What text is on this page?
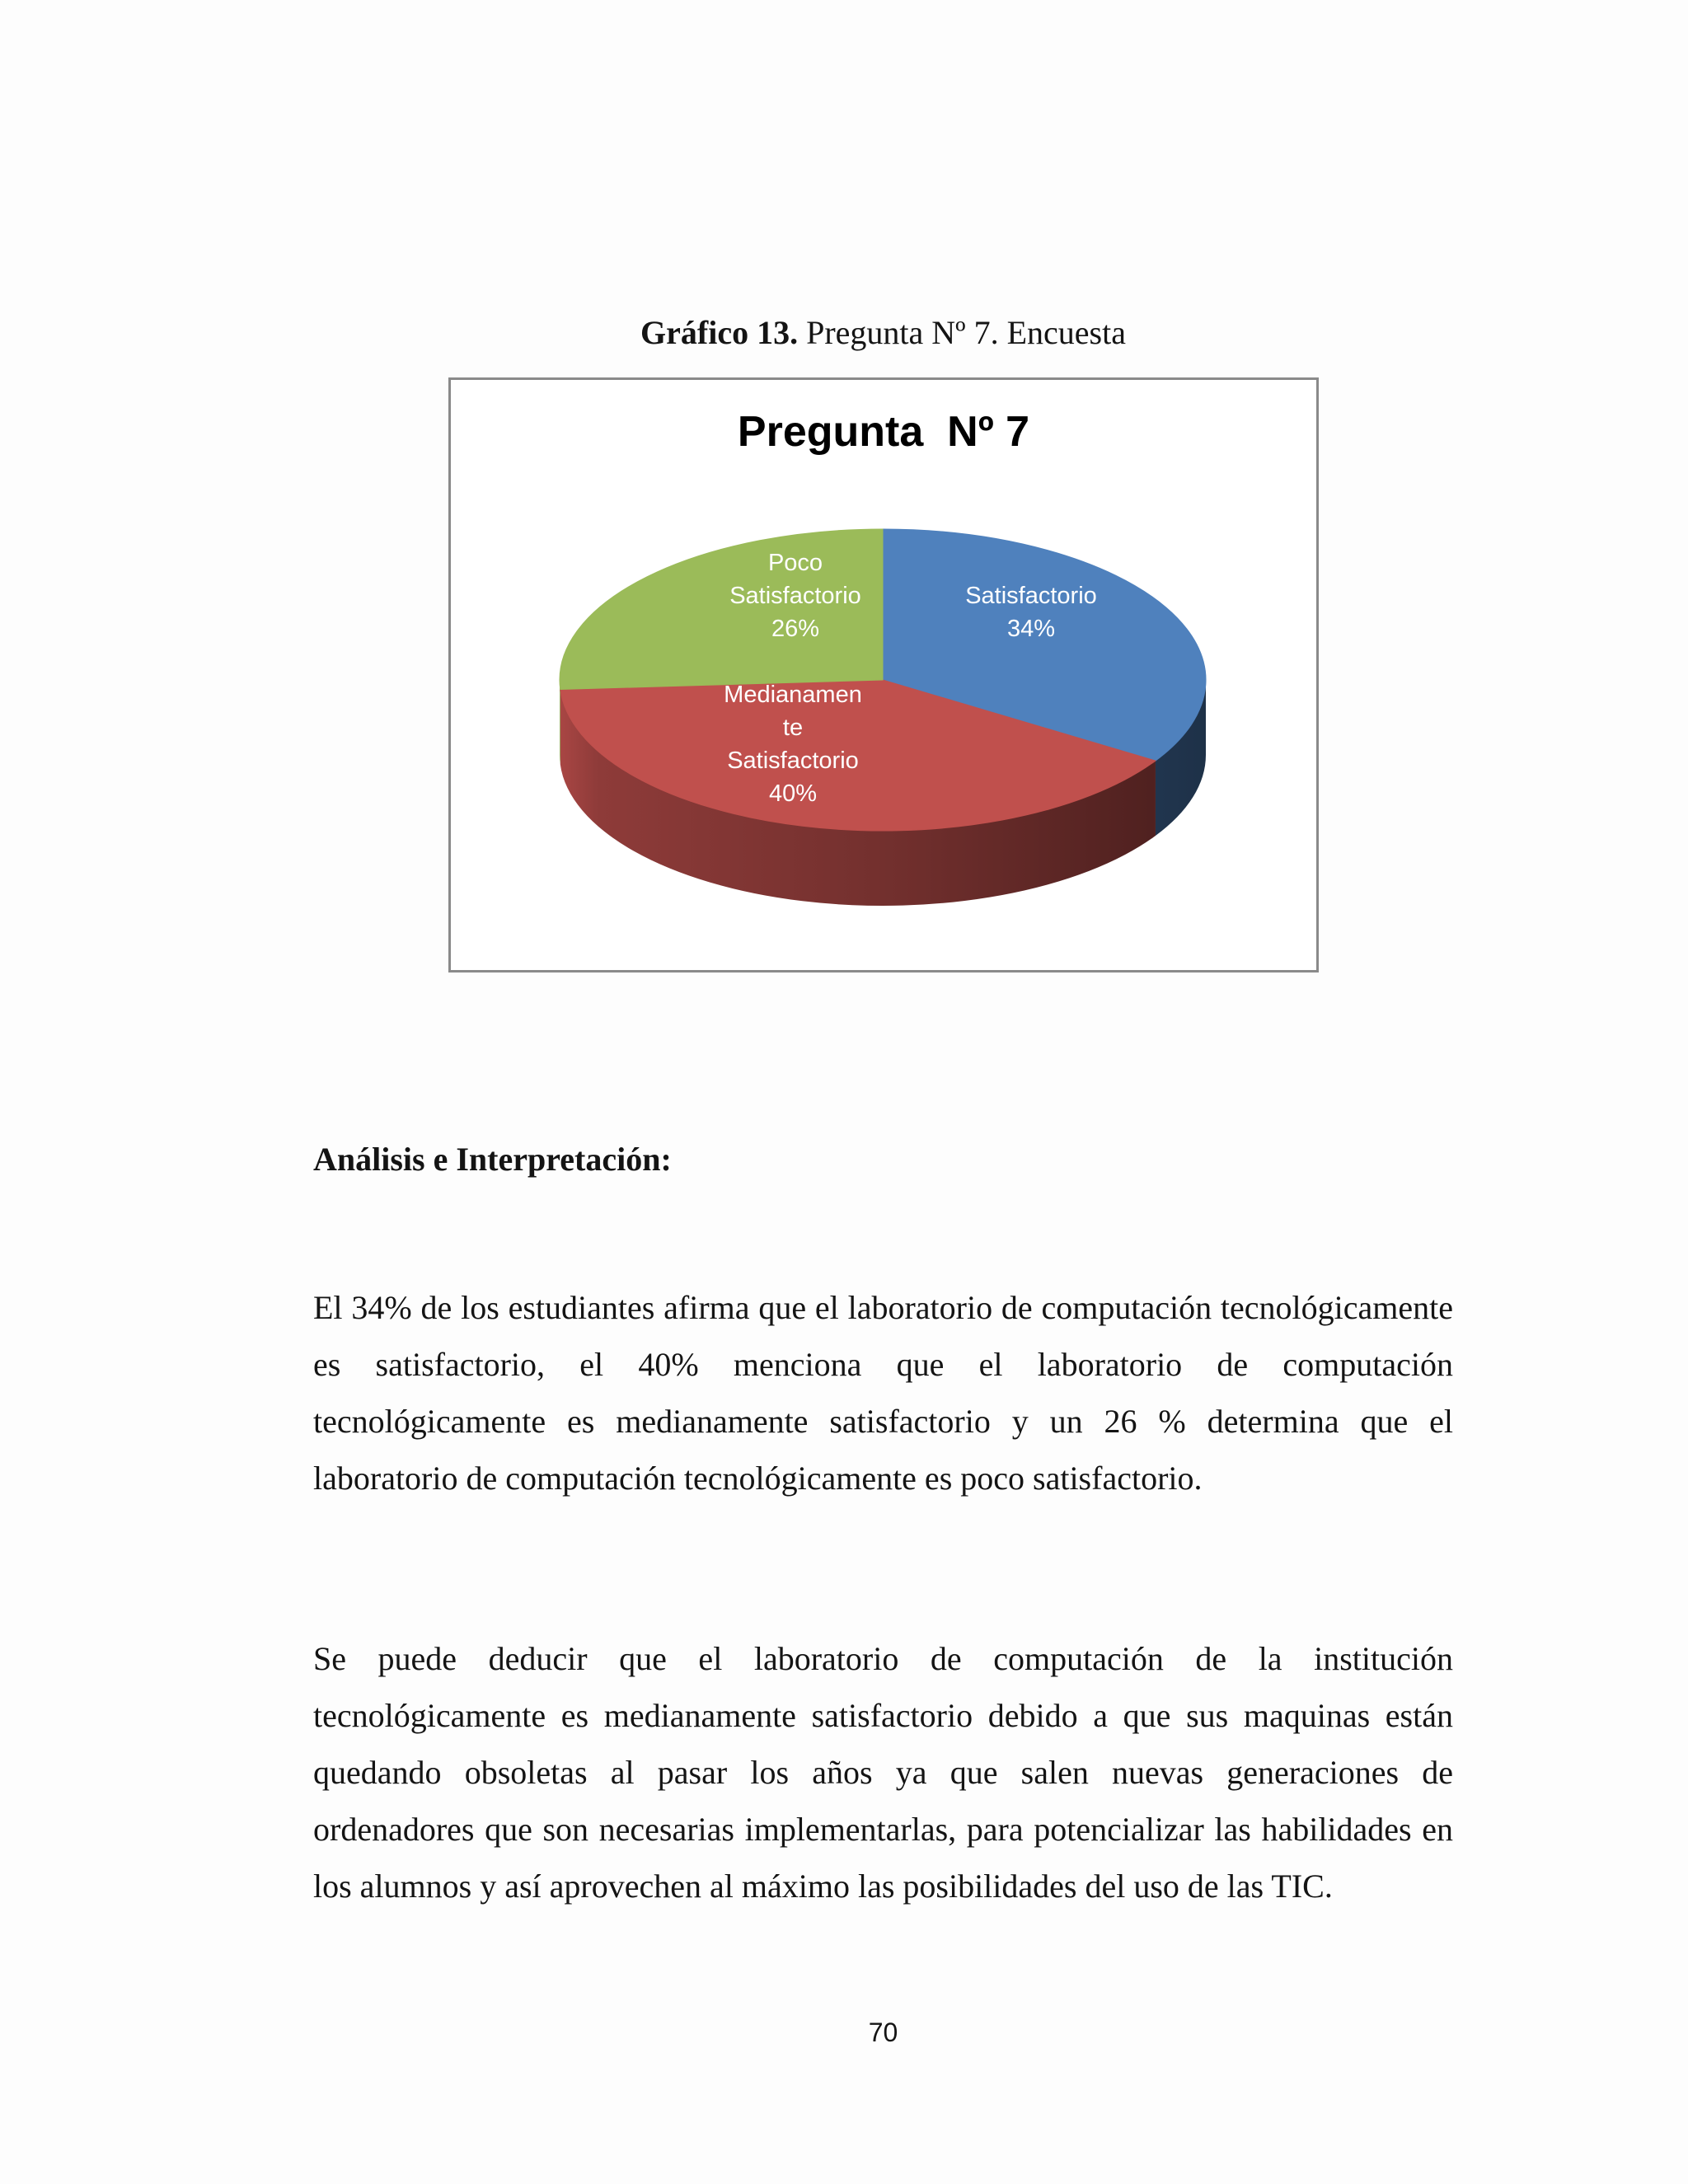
Gráfico 13. Pregunta Nº 7. Encuesta
Pregunta  Nº 7
Satisfactorio
34%
Medianamente Satisfactorio
40%
Poco Satisfactorio
26%
Análisis e Interpretación:
El 34% de los estudiantes afirma que el laboratorio de computación tecnológicamente
es satisfactorio, el 40% menciona que el laboratorio de computación
tecnológicamente es medianamente satisfactorio y un 26 % determina que el
laboratorio de computación tecnológicamente es poco satisfactorio.
Se puede deducir que el laboratorio de computación de la institución
tecnológicamente es medianamente satisfactorio debido a que sus maquinas están
quedando obsoletas al pasar los años ya que salen nuevas generaciones de
ordenadores que son necesarias implementarlas, para potencializar las habilidades en
los alumnos y así aprovechen al máximo las posibilidades del uso de las TIC.
70
